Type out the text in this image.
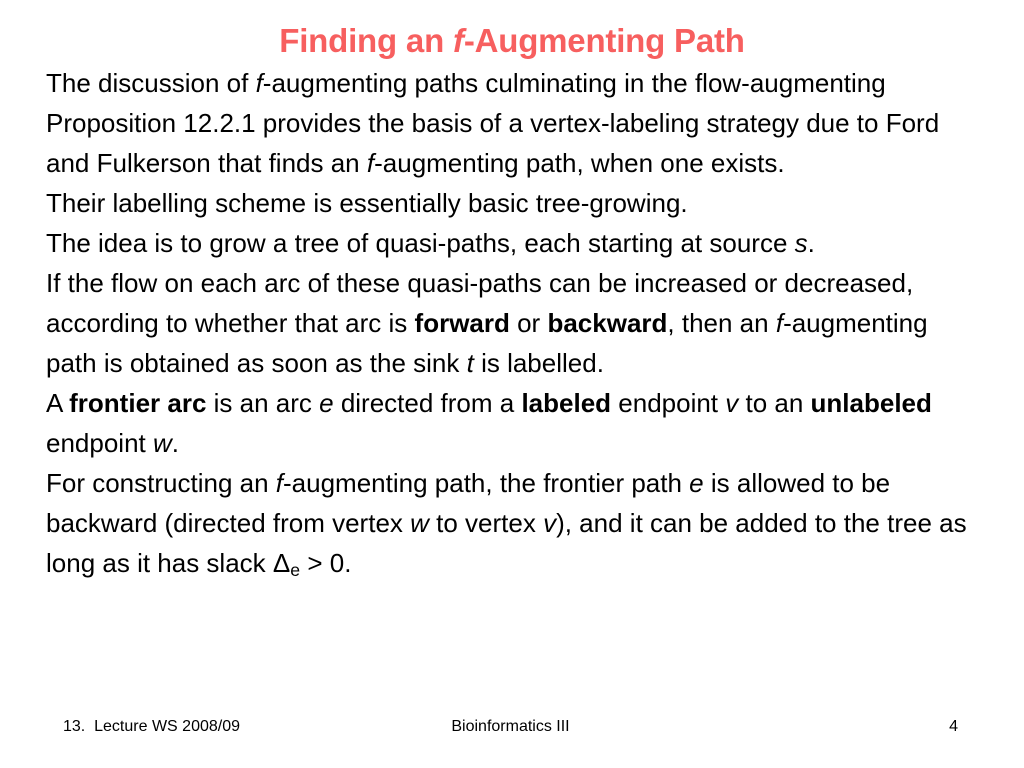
Finding an f-Augmenting Path

The discussion of f-augmenting paths culminating in the flow-augmenting
Proposition 12.2.1 provides the basis of a vertex-labeling strategy due to Ford
and Fulkerson that finds an f-augmenting path, when one exists.

Their labelling scheme is essentially basic tree-growing.

The idea is to grow a tree of quasi-paths, each starting at source s.
If the flow on each arc of these quasi-paths can be increased or decreased,
according to whether that arc is forward or backward, then an f-augmenting
path is obtained as soon as the sink t is labelled.

A frontier arc is an arc e directed from a labeled endpoint v to an unlabeled
endpoint w.

For constructing an f-augmenting path, the frontier path e is allowed to be
backward (directed from vertex w to vertex v), and it can be added to the tree as
long as it has slack $\Delta_e > 0$.

13.  Lecture WS 2008/09	Bioinformatics III	4
